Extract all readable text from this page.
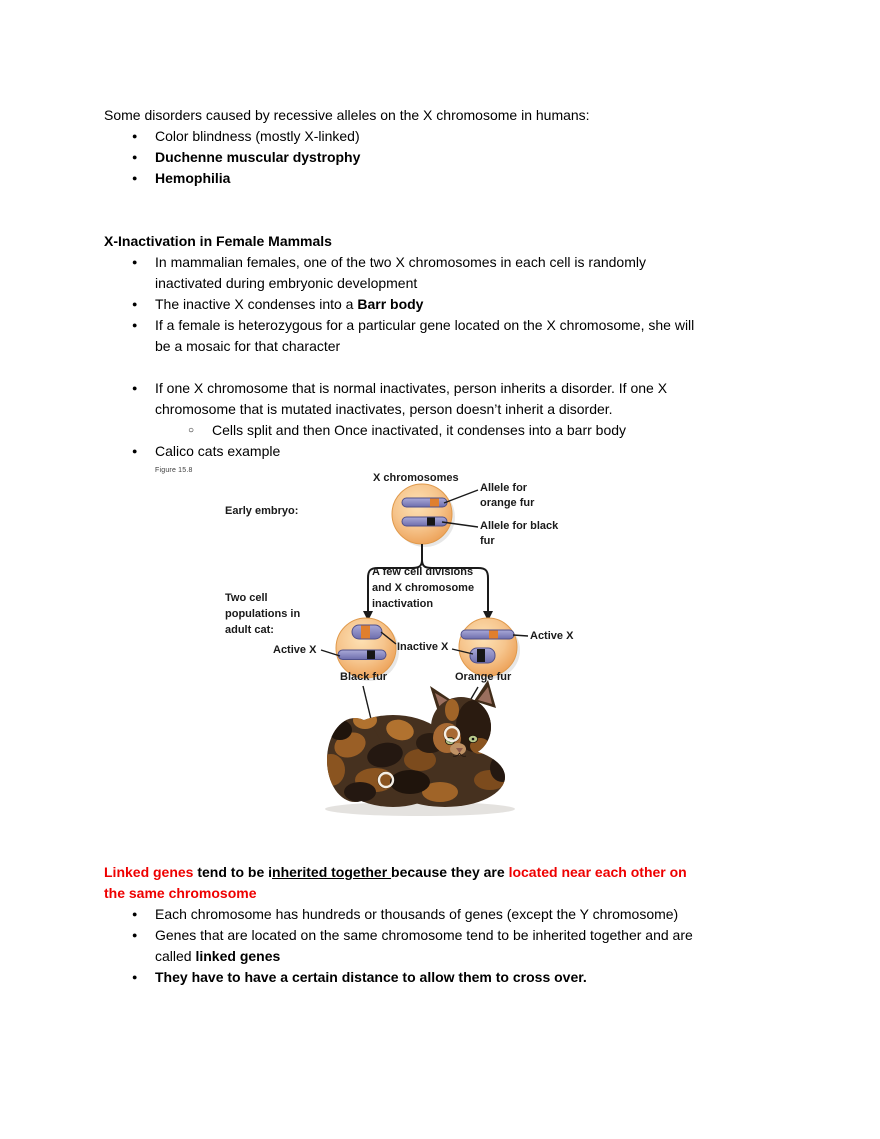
Some disorders caused by recessive alleles on the X chromosome in humans:

● Color blindness (mostly X-linked)
● Duchenne muscular dystrophy
● Hemophilia
X-Inactivation in Female Mammals
● In mammalian females, one of the two X chromosomes in each cell is randomly
inactivated during embryonic development
● The inactive X condenses into a Barr body
● If a female is heterozygous for a particular gene located on the X chromosome, she will
be a mosaic for that character
● If one X chromosome that is normal inactivates, person inherits a disorder. If one X
chromosome that is mutated inactivates, person doesn’t inherit a disorder.
○ Cells split and then Once inactivated, it condenses into a barr body
● Calico cats example
Figure 15.8
X chromosomes
Early embryo:
Allele for orange fur
Allele for black fur
A few cell divisions and X chromosome inactivation
Two cell populations in adult cat:
Active X	Inactive X
Active X
Black fur	Orange fur

Linked genes tend to be inherited together because they are located near each other on
the same chromosome

● Each chromosome has hundreds or thousands of genes (except the Y chromosome)
● Genes that are located on the same chromosome tend to be inherited together and are
called linked genes
● They have to have a certain distance to allow them to cross over.
